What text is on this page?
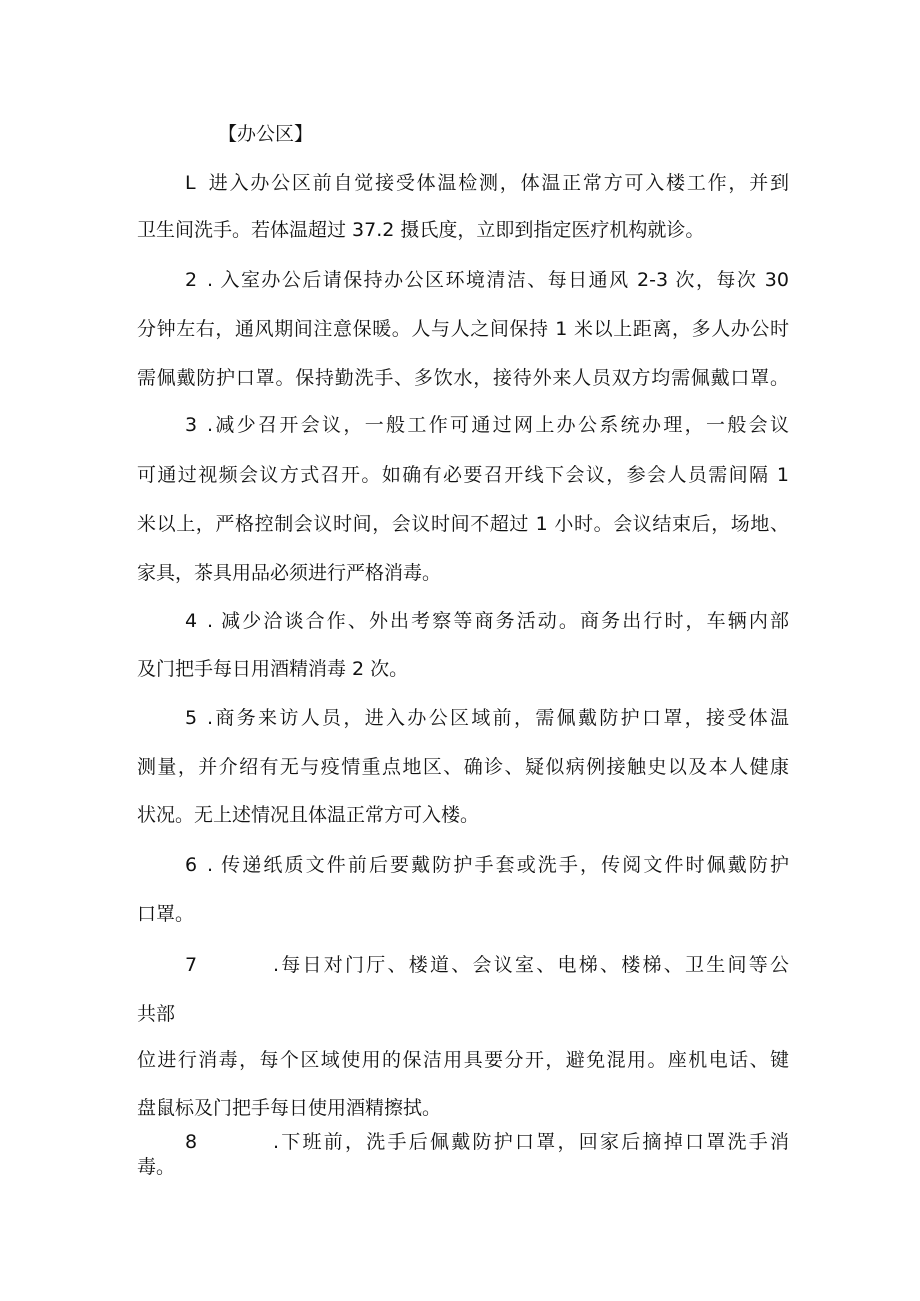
【办公区】

L 进入办公区前自觉接受体温检测，体温正常方可入楼工作，并到

卫生间洗手。若体温超过 37.2 摄氏度，立即到指定医疗机构就诊。

2 . 入室办公后请保持办公区环境清洁、每日通风 2-3 次，每次 30

分钟左右，通风期间注意保暖。人与人之间保持 1 米以上距离，多人办公时

需佩戴防护口罩。保持勤洗手、多饮水，接待外来人员双方均需佩戴口罩。

3 .减少召开会议，一般工作可通过网上办公系统办理，一般会议

可通过视频会议方式召开。如确有必要召开线下会议，参会人员需间隔 1

米以上，严格控制会议时间，会议时间不超过 1 小时。会议结束后，场地、

家具，茶具用品必须进行严格消毒。

4 . 减少洽谈合作、外出考察等商务活动。商务出行时，车辆内部

及门把手每日用酒精消毒 2 次。

5 .商务来访人员，进入办公区域前，需佩戴防护口罩，接受体温

测量，并介绍有无与疫情重点地区、确诊、疑似病例接触史以及本人健康

状况。无上述情况且体温正常方可入楼。

6 . 传递纸质文件前后要戴防护手套或洗手，传阅文件时佩戴防护

口罩。

7	.每日对门厅、楼道、会议室、电梯、楼梯、卫生间等公

共部

位进行消毒，每个区域使用的保洁用具要分开，避免混用。座机电话、键

盘鼠标及门把手每日使用酒精擦拭。

8	.下班前，洗手后佩戴防护口罩，回家后摘掉口罩洗手消

毒。
